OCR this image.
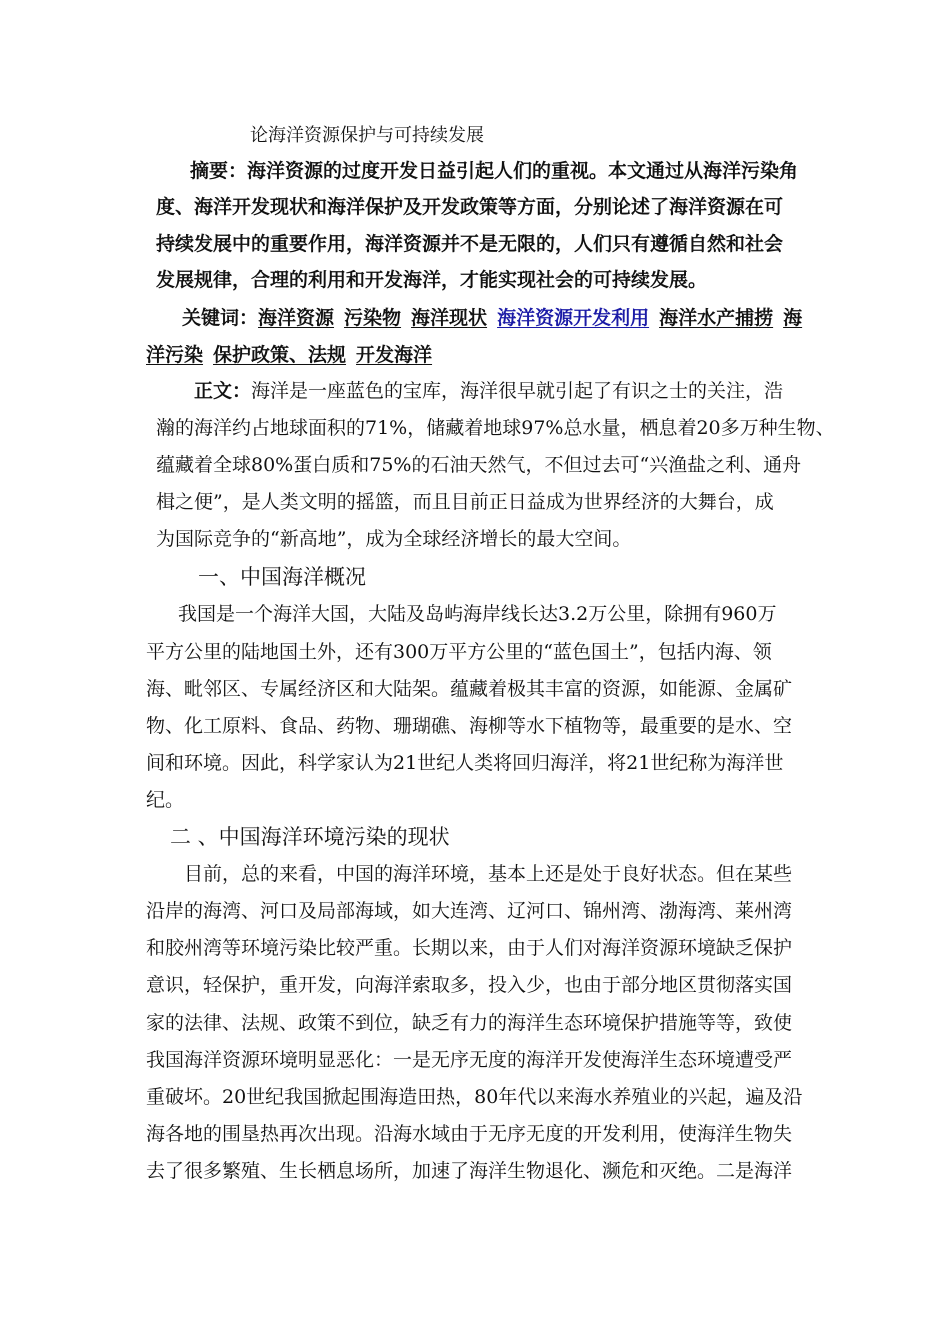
论海洋资源保护与可持续发展
摘要：海洋资源的过度开发日益引起人们的重视。本文通过从海洋污染角
度、海洋开发现状和海洋保护及开发政策等方面，分别论述了海洋资源在可
持续发展中的重要作用，海洋资源并不是无限的，人们只有遵循自然和社会
发展规律，合理的利用和开发海洋，才能实现社会的可持续发展。
关键词：海洋资源 污染物 海洋现状 海洋资源开发利用 海洋水产捕捞 海
洋污染 保护政策、法规 开发海洋
正文：海洋是一座蓝色的宝库，海洋很早就引起了有识之士的关注，浩
瀚的海洋约占地球面积的71%，储藏着地球97%总水量，栖息着20多万种生物、
蕴藏着全球80%蛋白质和75%的石油天然气，不但过去可“兴渔盐之利、通舟
楫之便”，是人类文明的摇篮，而且目前正日益成为世界经济的大舞台，成
为国际竞争的“新高地”，成为全球经济增长的最大空间。
一、中国海洋概况
我国是一个海洋大国，大陆及岛屿海岸线长达3.2万公里，除拥有960万
平方公里的陆地国土外，还有300万平方公里的“蓝色国土”，包括内海、领
海、毗邻区、专属经济区和大陆架。蕴藏着极其丰富的资源，如能源、金属矿
物、化工原料、食品、药物、珊瑚礁、海柳等水下植物等，最重要的是水、空
间和环境。因此，科学家认为21世纪人类将回归海洋，将21世纪称为海洋世
纪。
二 、中国海洋环境污染的现状
目前，总的来看，中国的海洋环境，基本上还是处于良好状态。但在某些
沿岸的海湾、河口及局部海域，如大连湾、辽河口、锦州湾、渤海湾、莱州湾
和胶州湾等环境污染比较严重。长期以来，由于人们对海洋资源环境缺乏保护
意识，轻保护，重开发，向海洋索取多，投入少，也由于部分地区贯彻落实国
家的法律、法规、政策不到位，缺乏有力的海洋生态环境保护措施等等，致使
我国海洋资源环境明显恶化：一是无序无度的海洋开发使海洋生态环境遭受严
重破坏。20世纪我国掀起围海造田热，80年代以来海水养殖业的兴起，遍及沿
海各地的围垦热再次出现。沿海水域由于无序无度的开发利用，使海洋生物失
去了很多繁殖、生长栖息场所，加速了海洋生物退化、濒危和灭绝。二是海洋
